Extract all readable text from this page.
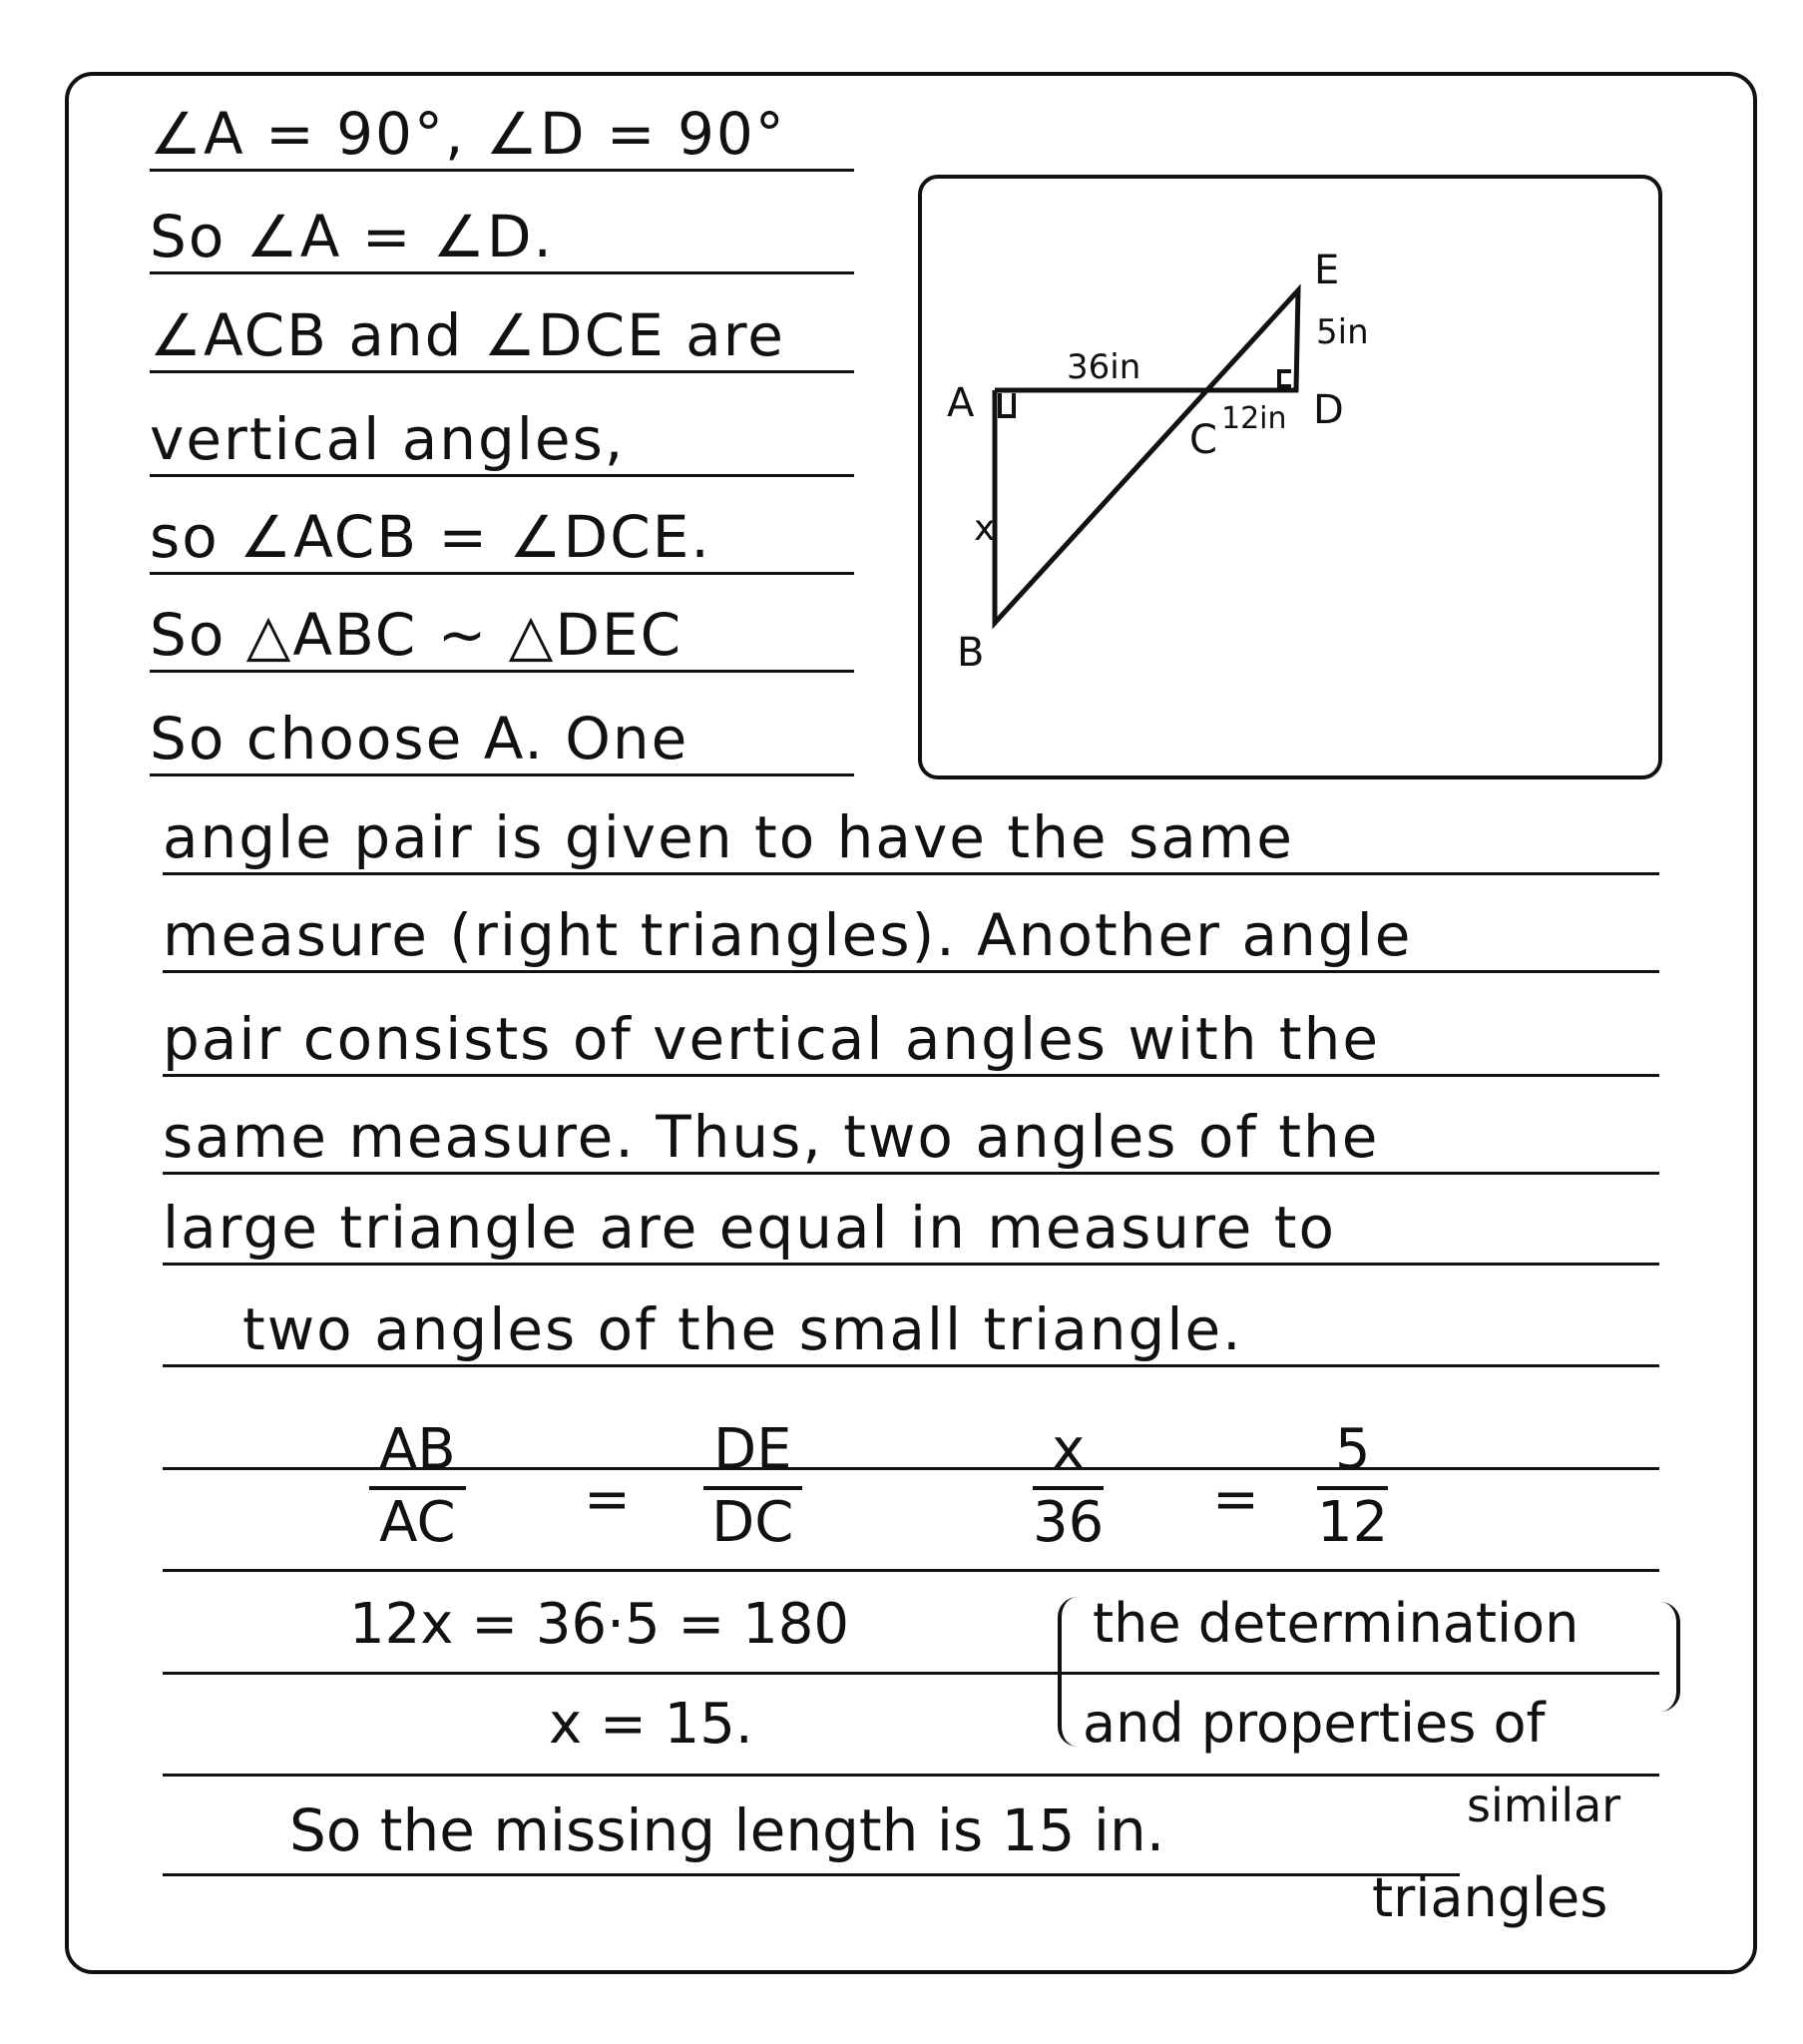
∠A = 90°, ∠D = 90°
So ∠A = ∠D.
∠ACB and ∠DCE are
vertical angles,
so ∠ACB = ∠DCE.
So △ABC ∼ △DEC
So choose A. One
A
B
C
D
E
36in
12in
5in
x
angle pair is given to have the same
measure (right triangles). Another angle
pair consists of vertical angles with the
same measure. Thus, two angles of the
large triangle are equal in measure to
two angles of the small triangle.
$\frac{AB}{AC} = \frac{DE}{DC}$	$\frac{x}{36} = \frac{5}{12}$
12x = 36·5 = 180
x = 15.
the determination
and properties of
similar
triangles
So the missing length is 15 in.
